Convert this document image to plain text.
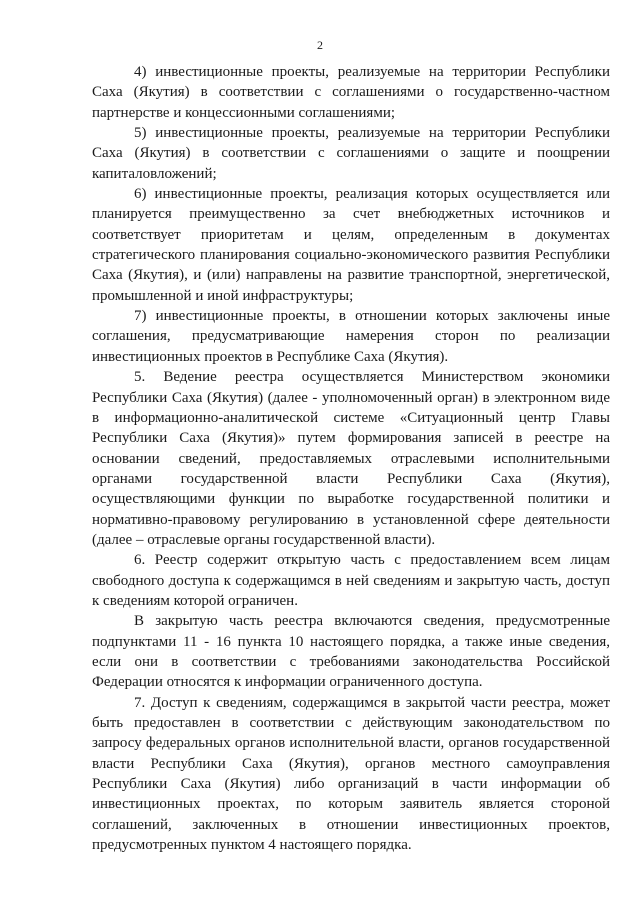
2

4) инвестиционные проекты, реализуемые на территории Республики Саха (Якутия) в соответствии с соглашениями о государственно-частном партнерстве и концессионными соглашениями;

5) инвестиционные проекты, реализуемые на территории Республики Саха (Якутия) в соответствии с соглашениями о защите и поощрении капиталовложений;

6) инвестиционные проекты, реализация которых осуществляется или планируется преимущественно за счет внебюджетных источников и соответствует приоритетам и целям, определенным в документах стратегического планирования социально-экономического развития Республики Саха (Якутия), и (или) направлены на развитие транспортной, энергетической, промышленной и иной инфраструктуры;

7) инвестиционные проекты, в отношении которых заключены иные соглашения, предусматривающие намерения сторон по реализации инвестиционных проектов в Республике Саха (Якутия).

5. Ведение реестра осуществляется Министерством экономики Республики Саха (Якутия) (далее - уполномоченный орган) в электронном виде в информационно-аналитической системе «Ситуационный центр Главы Республики Саха (Якутия)» путем формирования записей в реестре на основании сведений, предоставляемых отраслевыми исполнительными органами государственной власти Республики Саха (Якутия), осуществляющими функции по выработке государственной политики и нормативно-правовому регулированию в установленной сфере деятельности (далее – отраслевые органы государственной власти).

6. Реестр содержит открытую часть с предоставлением всем лицам свободного доступа к содержащимся в ней сведениям и закрытую часть, доступ к сведениям которой ограничен.

В закрытую часть реестра включаются сведения, предусмотренные подпунктами 11 - 16 пункта 10 настоящего порядка, а также иные сведения, если они в соответствии с требованиями законодательства Российской Федерации относятся к информации ограниченного доступа.

7. Доступ к сведениям, содержащимся в закрытой части реестра, может быть предоставлен в соответствии с действующим законодательством по запросу федеральных органов исполнительной власти, органов государственной власти Республики Саха (Якутия), органов местного самоуправления Республики Саха (Якутия) либо организаций в части информации об инвестиционных проектах, по которым заявитель является стороной соглашений, заключенных в отношении инвестиционных проектов, предусмотренных пунктом 4 настоящего порядка.
